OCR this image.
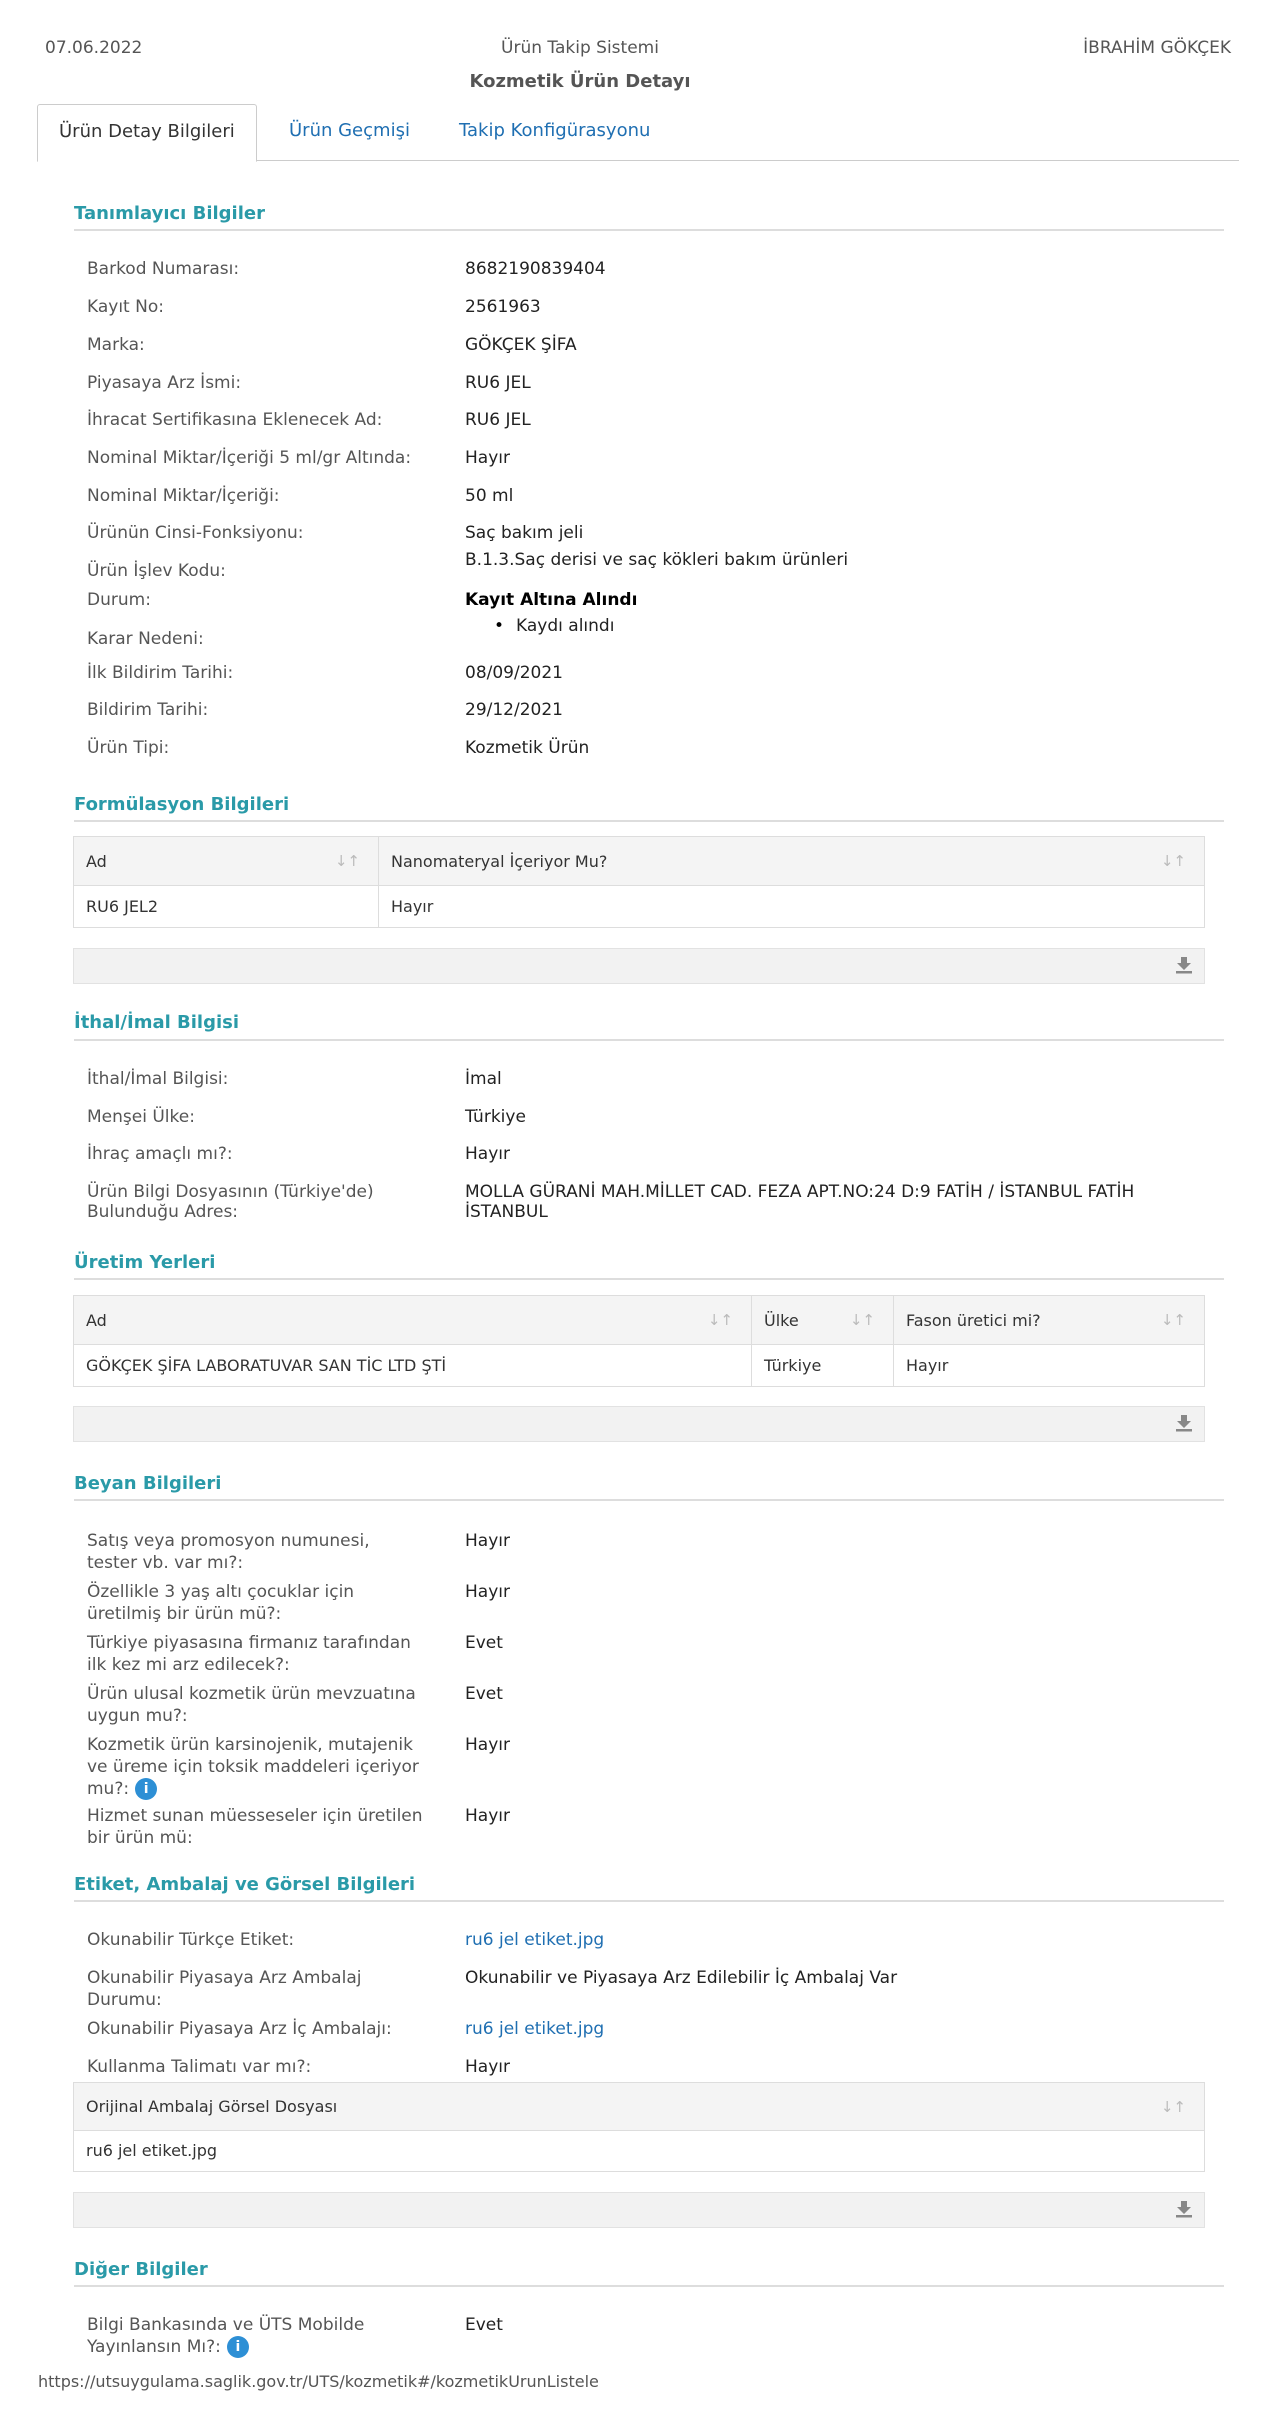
07.06.2022	Ürün Takip Sistemi	İBRAHİM GÖKÇEK
Kozmetik Ürün Detayı
Ürün Detay Bilgileri	Ürün Geçmişi	Takip Konfigürasyonu
Tanımlayıcı Bilgiler
Barkod Numarası:	8682190839404
Kayıt No:	2561963
Marka:	GÖKÇEK ŞİFA
Piyasaya Arz İsmi:	RU6 JEL
İhracat Sertifikasına Eklenecek Ad:	RU6 JEL
Nominal Miktar/İçeriği 5 ml/gr Altında:	Hayır
Nominal Miktar/İçeriği:	50 ml
Ürünün Cinsi-Fonksiyonu:	Saç bakım jeli
Ürün İşlev Kodu:
B.1.3.Saç derisi ve saç kökleri bakım ürünleri
Durum:	Kayıt Altına Alındı
Karar Nedeni:
• Kaydı alındı
İlk Bildirim Tarihi:	08/09/2021
Bildirim Tarihi:	29/12/2021
Ürün Tipi:	Kozmetik Ürün
Formülasyon Bilgileri
Ad	↓↑	Nanomateryal İçeriyor Mu?	↓↑
RU6 JEL2	Hayır
İthal/İmal Bilgisi
İthal/İmal Bilgisi:	İmal
Menşei Ülke:	Türkiye
İhraç amaçlı mı?:	Hayır
Ürün Bilgi Dosyasının (Türkiye'de)
Bulunduğu Adres:
MOLLA GÜRANİ MAH.MİLLET CAD. FEZA APT.NO:24 D:9 FATİH / İSTANBUL FATİH
İSTANBUL
Üretim Yerleri
Ad	↓↑	Ülke	↓↑	Fason üretici mi?	↓↑
GÖKÇEK ŞİFA LABORATUVAR SAN TİC LTD ŞTİ	Türkiye	Hayır
Beyan Bilgileri
Satış veya promosyon numunesi,
tester vb. var mı?:
Hayır
Özellikle 3 yaş altı çocuklar için
üretilmiş bir ürün mü?:
Hayır
Türkiye piyasasına firmanız tarafından
ilk kez mi arz edilecek?:
Evet
Ürün ulusal kozmetik ürün mevzuatına
uygun mu?:
Evet
Kozmetik ürün karsinojenik, mutajenik
ve üreme için toksik maddeleri içeriyor
mu?: i
Hayır
Hizmet sunan müesseseler için üretilen
bir ürün mü:
Hayır
Etiket, Ambalaj ve Görsel Bilgileri
Okunabilir Türkçe Etiket:	ru6 jel etiket.jpg
Okunabilir Piyasaya Arz Ambalaj
Durumu:
Okunabilir ve Piyasaya Arz Edilebilir İç Ambalaj Var
Okunabilir Piyasaya Arz İç Ambalajı:	ru6 jel etiket.jpg
Kullanma Talimatı var mı?:	Hayır
Orijinal Ambalaj Görsel Dosyası	↓↑
ru6 jel etiket.jpg
Diğer Bilgiler
Bilgi Bankasında ve ÜTS Mobilde
Yayınlansın Mı?: i
Evet
https://utsuygulama.saglik.gov.tr/UTS/kozmetik#/kozmetikUrunListele
